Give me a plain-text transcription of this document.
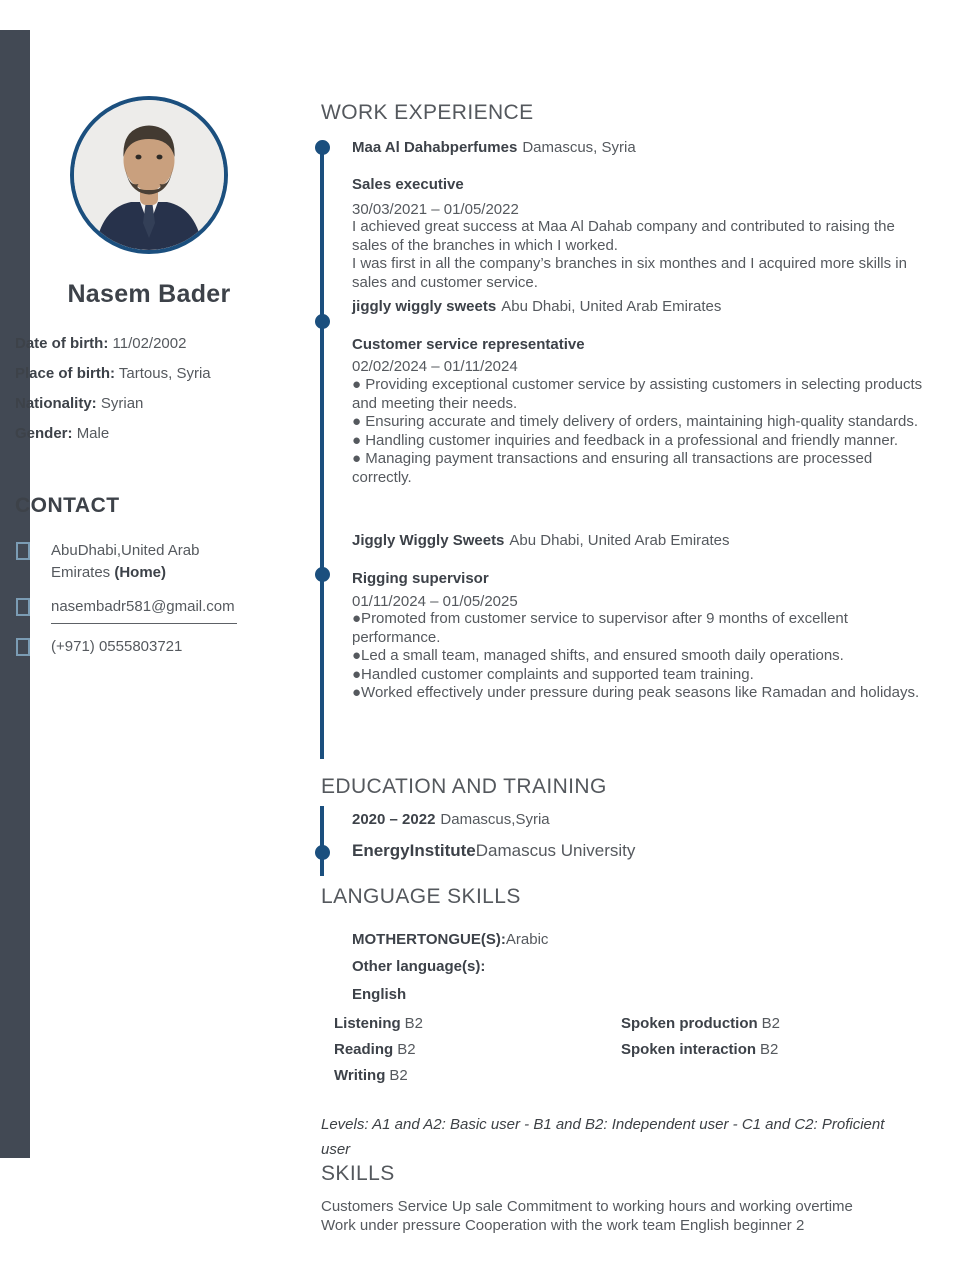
Nasem Bader
Date of birth: 11/02/2002
Place of birth: Tartous, Syria
Nationality: Syrian
Gender: Male
CONTACT
AbuDhabi,United Arab Emirates (Home)
nasembadr581@gmail.com
(+971) 0555803721
WORK EXPERIENCE
Maa Al Dahabperfumes Damascus, Syria
Sales executive
30/03/2021 – 01/05/2022
I achieved great success at Maa Al Dahab company and contributed to raising the sales of the branches in which I worked.
I was first in all the company’s branches in six monthes and I acquired more skills in sales and customer service.
jiggly wiggly sweets Abu Dhabi, United Arab Emirates
Customer service representative
02/02/2024 – 01/11/2024
● Providing exceptional customer service by assisting customers in selecting products and meeting their needs.
● Ensuring accurate and timely delivery of orders, maintaining high-quality standards.
● Handling customer inquiries and feedback in a professional and friendly manner.
● Managing payment transactions and ensuring all transactions are processed correctly.
Jiggly Wiggly Sweets Abu Dhabi, United Arab Emirates
Rigging supervisor
01/11/2024 – 01/05/2025
●Promoted from customer service to supervisor after 9 months of excellent performance.
●Led a small team, managed shifts, and ensured smooth daily operations.
●Handled customer complaints and supported team training.
●Worked effectively under pressure during peak seasons like Ramadan and holidays.
EDUCATION AND TRAINING
2020 – 2022 Damascus,Syria
EnergyInstituteDamascus University
LANGUAGE SKILLS
MOTHERTONGUE(S):Arabic
Other language(s):
English
Listening B2	Spoken production B2
Reading B2	Spoken interaction B2
Writing B2
Levels: A1 and A2: Basic user - B1 and B2: Independent user - C1 and C2: Proficient user
SKILLS
Customers Service Up sale Commitment to working hours and working overtime Work under pressure Cooperation with the work team English beginner 2
